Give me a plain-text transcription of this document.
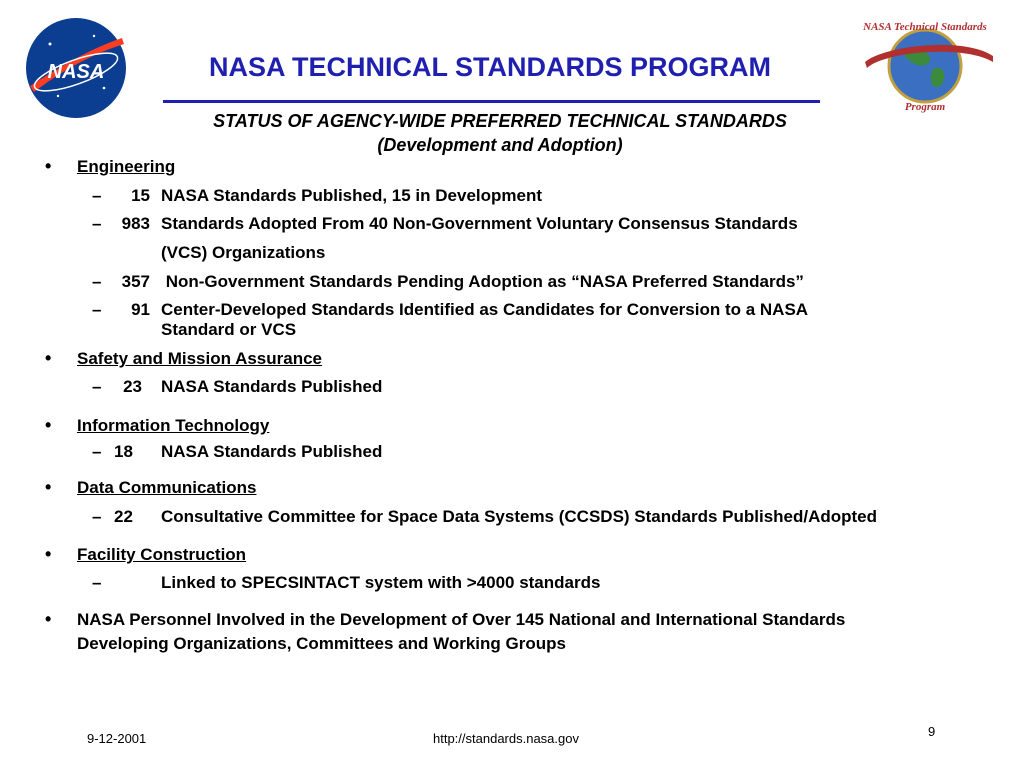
NASA
NASA Technical Standards
Program
NASA TECHNICAL STANDARDS PROGRAM
STATUS OF AGENCY-WIDE PREFERRED TECHNICAL STANDARDS
(Development and Adoption)
• Engineering
–	15 NASA Standards Published, 15 in Development
–	983 Standards Adopted From 40 Non-Government Voluntary Consensus Standards
(VCS) Organizations
–	357 Non-Government Standards Pending Adoption as “NASA Preferred Standards”
–	91 Center-Developed Standards Identified as Candidates for Conversion to a NASA
Standard or VCS
• Safety and Mission Assurance
–	23 NASA Standards Published
• Information Technology
– 18 NASA Standards Published
• Data Communications
– 22 Consultative Committee for Space Data Systems (CCSDS) Standards Published/Adopted
• Facility Construction
–	Linked to SPECSINTACT system with >4000 standards
• NASA Personnel Involved in the Development of Over 145 National and International Standards
Developing Organizations, Committees and Working Groups
9-12-2001	http://standards.nasa.gov	9
